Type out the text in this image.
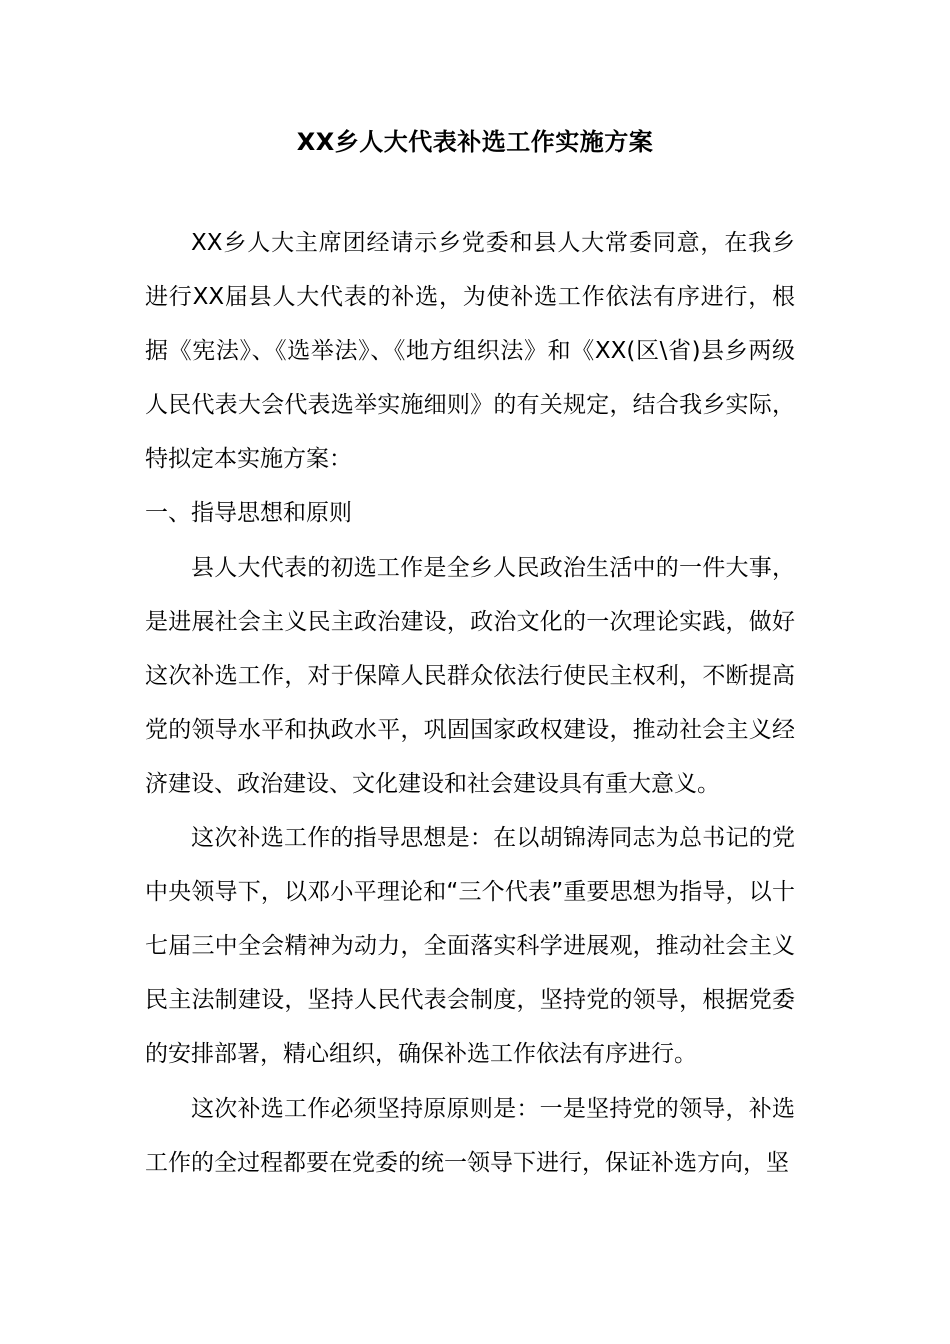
XX乡人大代表补选工作实施方案

XX乡人大主席团经请示乡党委和县人大常委同意，在我乡进行XX届县人大代表的补选，为使补选工作依法有序进行，根据《宪法》、《选举法》、《地方组织法》和《XX(区\省)县乡两级人民代表大会代表选举实施细则》的有关规定，结合我乡实际，特拟定本实施方案：

一、指导思想和原则

县人大代表的初选工作是全乡人民政治生活中的一件大事，是进展社会主义民主政治建设，政治文化的一次理论实践，做好这次补选工作，对于保障人民群众依法行使民主权利，不断提高党的领导水平和执政水平，巩固国家政权建设，推动社会主义经济建设、政治建设、文化建设和社会建设具有重大意义。

这次补选工作的指导思想是：在以胡锦涛同志为总书记的党中央领导下，以邓小平理论和“三个代表”重要思想为指导，以十七届三中全会精神为动力，全面落实科学进展观，推动社会主义民主法制建设，坚持人民代表会制度，坚持党的领导，根据党委的安排部署，精心组织，确保补选工作依法有序进行。

这次补选工作必须坚持原原则是：一是坚持党的领导，补选工作的全过程都要在党委的统一领导下进行，保证补选方向，坚
